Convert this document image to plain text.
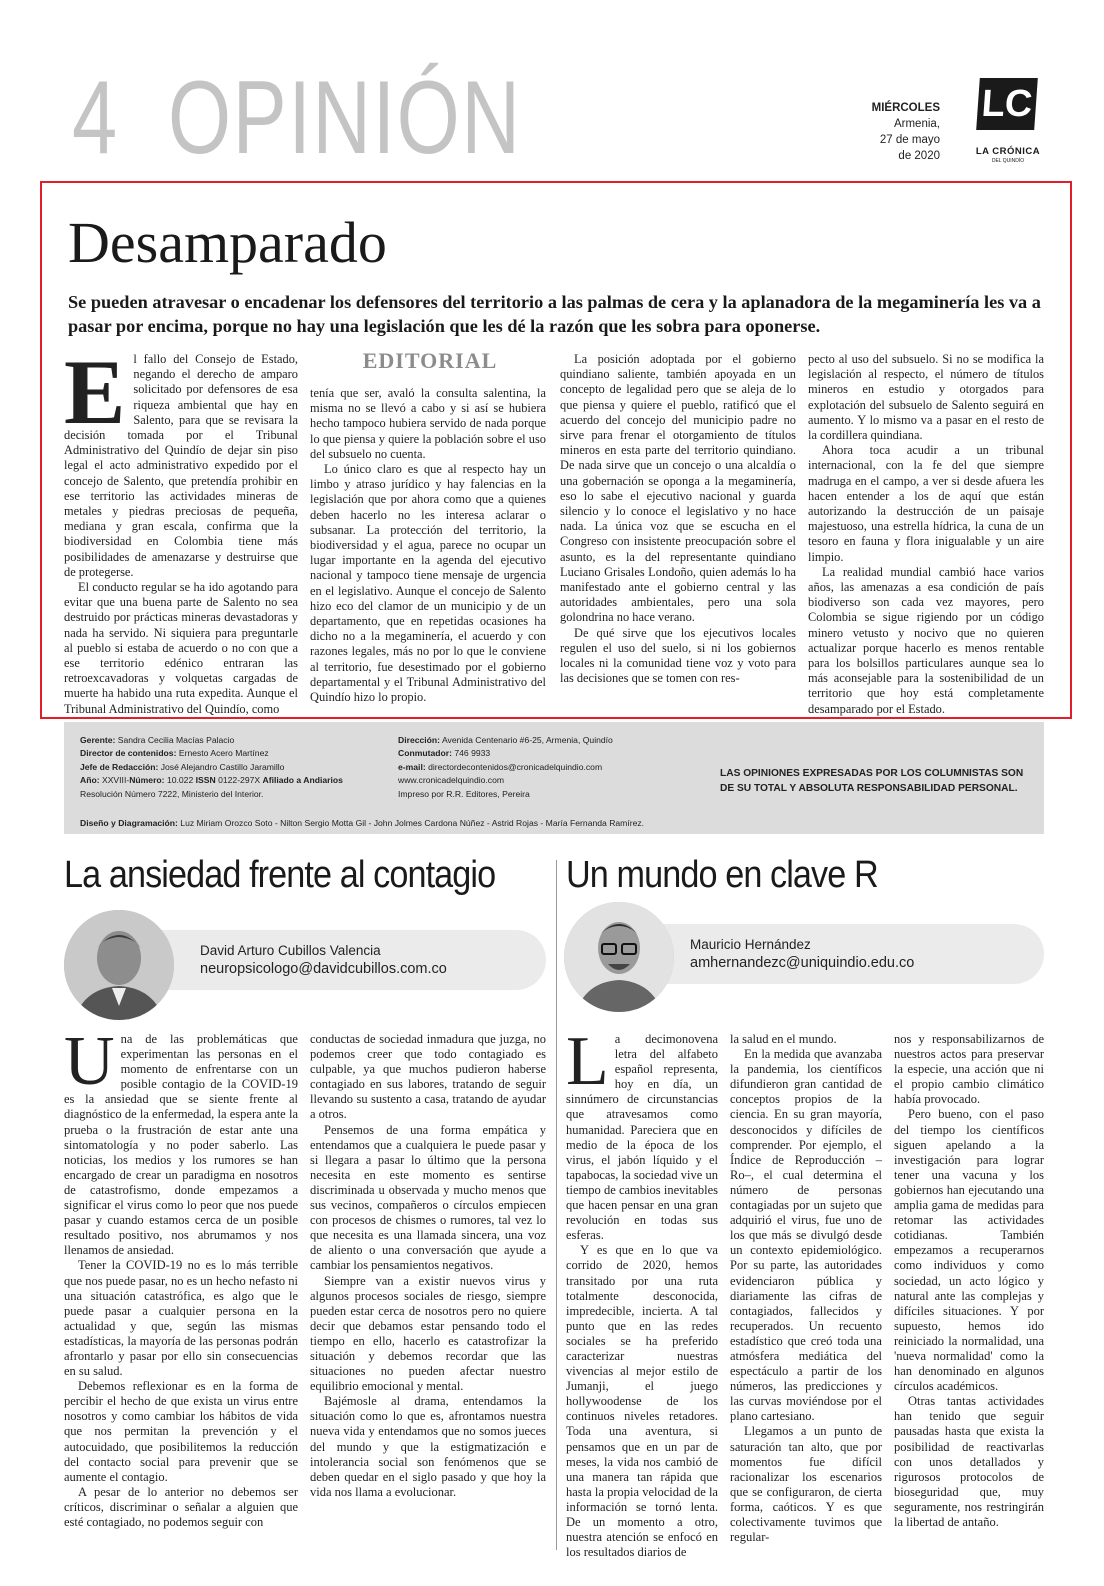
4 OPINIÓN	MIÉRCOLES
Armenia,
27 de mayo
de 2020
LC
LA CRÓNICA
DEL QUINDÍO
Desamparado
Se pueden atravesar o encadenar los defensores del territorio a las palmas de cera y la aplanadora de la megaminería les va a pasar por encima, porque no hay una legislación que les dé la razón que les sobra para oponerse.
EDITORIAL
E l fallo del Consejo de Estado, negando el derecho de amparo solicitado por defensores de esa riqueza ambiental que hay en Salento, para que se revisara la decisión tomada por el Tribunal Administrativo del Quindío de dejar sin piso legal el acto administrativo expedido por el concejo de Salento, que pretendía prohibir en ese territorio las actividades mineras de metales y piedras preciosas de pequeña, mediana y gran escala, confirma que la biodiversidad en Colombia tiene más posibilidades de amenazarse y destruirse que de protegerse.

El conducto regular se ha ido agotando para evitar que una buena parte de Salento no sea destruido por prácticas mineras devastadoras y nada ha servido. Ni siquiera para preguntarle al pueblo si estaba de acuerdo o no con que a ese territorio edénico entraran las retroexcavadoras y volquetas cargadas de muerte ha habido una ruta expedita. Aunque el Tribunal Administrativo del Quindío, como

tenía que ser, avaló la consulta salentina, la misma no se llevó a cabo y si así se hubiera hecho tampoco hubiera servido de nada porque lo que piensa y quiere la población sobre el uso del subsuelo no cuenta.

Lo único claro es que al respecto hay un limbo y atraso jurídico y hay falencias en la legislación que por ahora como que a quienes deben hacerlo no les interesa aclarar o subsanar. La protección del territorio, la biodiversidad y el agua, parece no ocupar un lugar importante en la agenda del ejecutivo nacional y tampoco tiene mensaje de urgencia en el legislativo. Aunque el concejo de Salento hizo eco del clamor de un municipio y de un departamento, que en repetidas ocasiones ha dicho no a la megaminería, el acuerdo y con razones legales, más no por lo que le conviene al territorio, fue desestimado por el gobierno departamental y el Tribunal Administrativo del Quindío hizo lo propio.

La posición adoptada por el gobierno quindiano saliente, también apoyada en un concepto de legalidad pero que se aleja de lo que piensa y quiere el pueblo, ratificó que el acuerdo del concejo del municipio padre no sirve para frenar el otorgamiento de títulos mineros en esta parte del territorio quindiano. De nada sirve que un concejo o una alcaldía o una gobernación se oponga a la megaminería, eso lo sabe el ejecutivo nacional y guarda silencio y lo conoce el legislativo y no hace nada. La única voz que se escucha en el Congreso con insistente preocupación sobre el asunto, es la del representante quindiano Luciano Grisales Londoño, quien además lo ha manifestado ante el gobierno central y las autoridades ambientales, pero una sola golondrina no hace verano.

De qué sirve que los ejecutivos locales regulen el uso del suelo, si ni los gobiernos locales ni la comunidad tiene voz y voto para las decisiones que se tomen con res-

pecto al uso del subsuelo. Si no se modifica la legislación al respecto, el número de títulos mineros en estudio y otorgados para explotación del subsuelo de Salento seguirá en aumento. Y lo mismo va a pasar en el resto de la cordillera quindiana.

Ahora toca acudir a un tribunal internacional, con la fe del que siempre madruga en el campo, a ver si desde afuera les hacen entender a los de aquí que están autorizando la destrucción de un paisaje majestuoso, una estrella hídrica, la cuna de un tesoro en fauna y flora inigualable y un aire limpio.

La realidad mundial cambió hace varios años, las amenazas a esa condición de país biodiverso son cada vez mayores, pero Colombia se sigue rigiendo por un código minero vetusto y nocivo que no quieren actualizar porque hacerlo es menos rentable para los bolsillos particulares aunque sea lo más aconsejable para la sostenibilidad de un territorio que hoy está completamente desamparado por el Estado.

Gerente: Sandra Cecilia Macías Palacio
Director de contenidos: Ernesto Acero Martínez
Jefe de Redacción: José Alejandro Castillo Jaramillo
Año: XXVIII-Número: 10.022 ISSN 0122-297X Afiliado a Andiarios
Resolución Número 7222, Ministerio del Interior.
Dirección: Avenida Centenario #6-25, Armenia, Quindío
Conmutador: 746 9933
e-mail: directordecontenidos@cronicadelquindio.com
www.cronicadelquindio.com
Impreso por R.R. Editores, Pereira
LAS OPINIONES EXPRESADAS POR LOS COLUMNISTAS SON
DE SU TOTAL Y ABSOLUTA RESPONSABILIDAD PERSONAL.
Diseño y Diagramación: Luz Miriam Orozco Soto - Nilton Sergio Motta Gil - John Jolmes Cardona Núñez - Astrid Rojas - María Fernanda Ramírez.
La ansiedad frente al contagio
David Arturo Cubillos Valencia
neuropsicologo@davidcubillos.com.co
U na de las problemáticas que experimentan las personas en el momento de enfrentarse con un posible contagio de la COVID-19 es la ansiedad que se siente frente al diagnóstico de la enfermedad, la espera ante la prueba o la frustración de estar ante una sintomatología y no poder saberlo. Las noticias, los medios y los rumores se han encargado de crear un paradigma en nosotros de catastrofismo, donde empezamos a significar el virus como lo peor que nos puede pasar y cuando estamos cerca de un posible resultado positivo, nos abrumamos y nos llenamos de ansiedad.

Tener la COVID-19 no es lo más terrible que nos puede pasar, no es un hecho nefasto ni una situación catastrófica, es algo que le puede pasar a cualquier persona en la actualidad y que, según las mismas estadísticas, la mayoría de las personas podrán afrontarlo y pasar por ello sin consecuencias en su salud.

Debemos reflexionar es en la forma de percibir el hecho de que exista un virus entre nosotros y como cambiar los hábitos de vida que nos permitan la prevención y el autocuidado, que posibilitemos la reducción del contacto social para prevenir que se aumente el contagio.

A pesar de lo anterior no debemos ser críticos, discriminar o señalar a alguien que esté contagiado, no podemos seguir con

conductas de sociedad inmadura que juzga, no podemos creer que todo contagiado es culpable, ya que muchos pudieron haberse contagiado en sus labores, tratando de seguir llevando su sustento a casa, tratando de ayudar a otros.

Pensemos de una forma empática y entendamos que a cualquiera le puede pasar y si llegara a pasar lo último que la persona necesita en este momento es sentirse discriminada u observada y mucho menos que sus vecinos, compañeros o círculos empiecen con procesos de chismes o rumores, tal vez lo que necesita es una llamada sincera, una voz de aliento o una conversación que ayude a cambiar los pensamientos negativos.

Siempre van a existir nuevos virus y algunos procesos sociales de riesgo, siempre pueden estar cerca de nosotros pero no quiere decir que debamos estar pensando todo el tiempo en ello, hacerlo es catastrofizar la situación y debemos recordar que las situaciones no pueden afectar nuestro equilibrio emocional y mental.

Bajémosle al drama, entendamos la situación como lo que es, afrontamos nuestra nueva vida y entendamos que no somos jueces del mundo y que la estigmatización e intolerancia social son fenómenos que se deben quedar en el siglo pasado y que hoy la vida nos llama a evolucionar.

Un mundo en clave R
Mauricio Hernández
amhernandezc@uniquindio.edu.co
L a decimonovena letra del alfabeto español representa, hoy en día, un sinnúmero de circunstancias que atravesamos como humanidad. Pareciera que en medio de la época de los virus, el jabón líquido y el tapabocas, la sociedad vive un tiempo de cambios inevitables que hacen pensar en una gran revolución en todas sus esferas.

Y es que en lo que va corrido de 2020, hemos transitado por una ruta totalmente desconocida, impredecible, incierta. A tal punto que en las redes sociales se ha preferido caracterizar nuestras vivencias al mejor estilo de Jumanji, el juego hollywoodense de los continuos niveles retadores. Toda una aventura, si pensamos que en un par de meses, la vida nos cambió de una manera tan rápida que hasta la propia velocidad de la información se tornó lenta. De un momento a otro, nuestra atención se enfocó en los resultados diarios de

la salud en el mundo.

En la medida que avanzaba la pandemia, los científicos difundieron gran cantidad de conceptos propios de la ciencia. En su gran mayoría, desconocidos y difíciles de comprender. Por ejemplo, el Índice de Reproducción –Ro–, el cual determina el número de personas contagiadas por un sujeto que adquirió el virus, fue uno de los que más se divulgó desde un contexto epidemiológico. Por su parte, las autoridades evidenciaron pública y diariamente las cifras de contagiados, fallecidos y recuperados. Un recuento estadístico que creó toda una atmósfera mediática del espectáculo a partir de los números, las predicciones y las curvas moviéndose por el plano cartesiano.

Llegamos a un punto de saturación tan alto, que por momentos fue difícil racionalizar los escenarios que se configuraron, de cierta forma, caóticos. Y es que colectivamente tuvimos que regular-

nos y responsabilizarnos de nuestros actos para preservar la especie, una acción que ni el propio cambio climático había provocado.

Pero bueno, con el paso del tiempo los científicos siguen apelando a la investigación para lograr tener una vacuna y los gobiernos han ejecutando una amplia gama de medidas para retomar las actividades cotidianas. También empezamos a recuperarnos como individuos y como sociedad, un acto lógico y natural ante las complejas y difíciles situaciones. Y por supuesto, hemos ido reiniciado la normalidad, una 'nueva normalidad' como la han denominado en algunos círculos académicos.

Otras tantas actividades han tenido que seguir pausadas hasta que exista la posibilidad de reactivarlas con unos detallados y rigurosos protocolos de bioseguridad que, muy seguramente, nos restringirán la libertad de antaño.
